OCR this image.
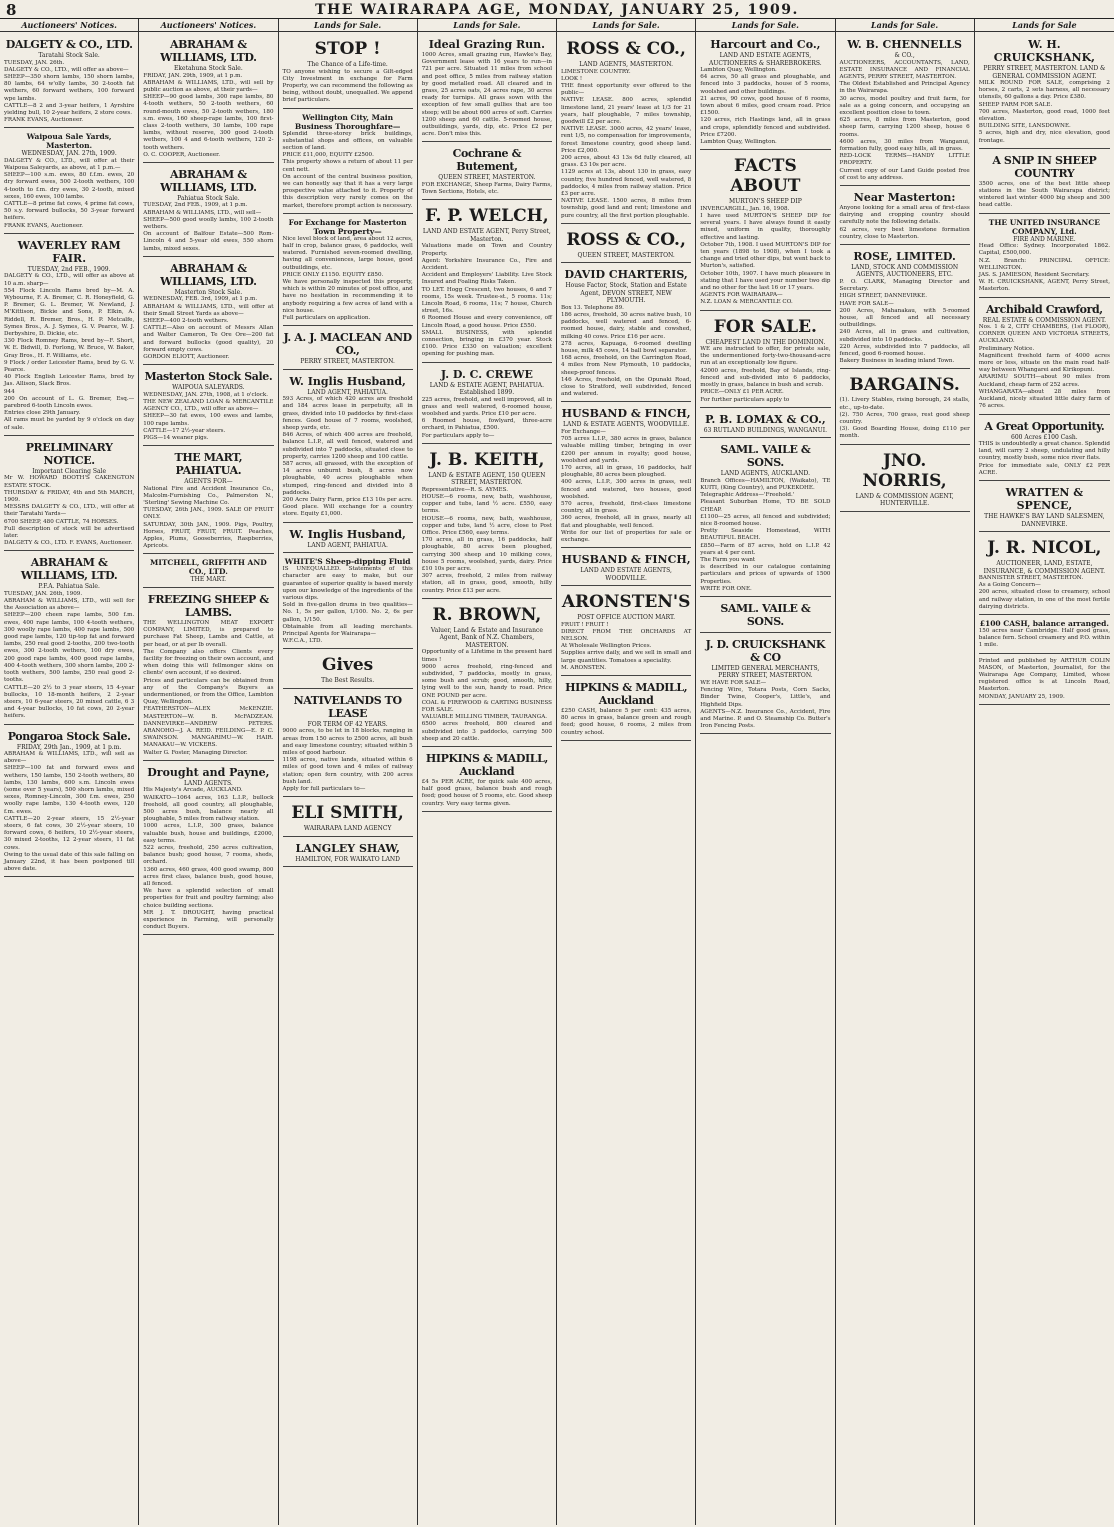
8	THE WAIRARAPA AGE, MONDAY, JANUARY 25, 1909.
Auctioneers' Notices.
DALGETY & CO., LTD.
Taratahi Stock Sale.
TUESDAY, JAN. 26th.
DALGETY & CO., LTD., will offer as above—
SHEEP—350 shorn lambs, 150 shorn lambs, 80 lambs, 64 w'olly lambs, 30 2-tooth fat wethers, 60 forward wethers, 100 forward wpe lambs.
CATTLE—8 2 and 3-year heifers, 1 Ayrshire yielding bull, 10 2-year heifers, 2 store cows.
FRANK EVANS, Auctioneer.
Waipoua Sale Yards, Masterton.
WEDNESDAY, JAN. 27th, 1909.
DALGETY & CO., LTD., will offer at their Waipoua Saleyards, as above, at 1 p.m.—
SHEEP—100 s.m. ewes, 80 f.f.m. ewes, 20 dry forward ewes, 500 2-tooth wethers, 100 4-tooth to f.m. dry ewes, 30 2-tooth, mixed sexes, 160 ewes, 100 lambs.
CATTLE—8 prime fat cows, 4 prime fat cows, 50 s.y. forward bullocks, 50 3-year forward heifers.
FRANK EVANS, Auctioneer.
WAVERLEY RAM FAIR.
TUESDAY, 2nd FEB., 1909.
DALGETY & CO., LTD., will offer as above at 10 a.m. sharp—
554 Flock Lincoln Rams bred by—M. A. Wybourne, F. A. Bremer, C. R. Honeyfield, G. P. Bremer, G. L. Bremer, W. Newland, J. M'Kittison, Bickie and Sons, P. Elkin, A. Riddell, R. Bremer, Bros., H. P. Metcalfe, Symes Bros., A. J. Symes, G. V. Pearce, W. J. Derbyshire, D. Dickie, etc.
330 Flock Romney Rams, bred by—F. Short, W. E. Bidwill, D. Forlong, W. Bruce, W. Baker, Gray Bros., H. F. Williams, etc.
9 Flock / order Leicester Rams, bred by G. V. Pearce.
40 Flock English Leicester Rams, bred by Jas. Allison, Slack Bros.
944
200 On account of L. G. Bremer, Esq.—parebred 6-tooth Lincoln ewes.
Entries close 29th January.
All rams must be yarded by 9 o'clock on day of sale.
PRELIMINARY NOTICE.
Important Clearing Sale
Mr W. HOWARD BOOTH'S CAKENGTON ESTATE STOCK.
THURSDAY & FRIDAY, 4th and 5th MARCH, 1909.
MESSRS DALGETY & CO., LTD., will offer at their Taratahi Yards—
6700 SHEEP, 480 CATTLE, 74 HORSES.
Full description of stock will be advertised later.
DALGETY & CO., LTD. F. EVANS, Auctioneer.
ABRAHAM & WILLIAMS, LTD.
P.F.A. Pahiatua Sale.
TUESDAY, JAN. 26th, 1909.
ABRAHAM & WILLIAMS, LTD., will sell for the Association as above—
SHEEP—200 cheen rape lambs, 500 f.m. ewes, 400 rape lambs, 100 4-tooth wethers, 300 woolly rape lambs, 400 rape lambs, 500 good rape lambs, 120 tip-top fat and forward lambs, 250 real good 2-tooths, 200 two-tooth ewes, 300 2-tooth wethers, 100 dry ewes, 200 good rape lambs, 400 good rape lambs, 400 4-tooth wethers, 300 shorn lambs, 200 2-tooth wethers, 500 lambs, 250 real good 2-tooths.
CATTLE—20 2½ to 3 year steers, 15 4-year bullocks, 10 18-month heifers, 2 2-year steers, 10 6-year steers, 20 mixed cattle, 6 3 and 4-year bullocks, 10 fat cows, 20 2-year heifers.
Pongaroa Stock Sale.
FRIDAY, 29th Jan., 1909, at 1 p.m.
ABRAHAM & WILLIAMS, LTD., will sell as above—
SHEEP—100 fat and forward ewes and wethers, 150 lambs, 150 2-tooth wethers, 80 lambs, 130 lambs, 600 s.m. Lincoln ewes (some over 5 years), 500 shorn lambs, mixed sexes, Romney-Lincoln, 300 f.m. ewes, 250 woolly rape lambs, 130 4-tooth ewes, 120 f.m. ewes.
CATTLE—20 2-year steers, 15 2½-year steers, 6 fat cows, 30 2½-year steers, 10 forward cows, 6 heifers, 10 2½-year steers, 30 mixed 2-tooths, 12 2-year steers, 11 fat cows.
Owing to the usual date of this sale falling on January 22nd, it has been postponed till above date.
Auctioneers' Notices.
ABRAHAM & WILLIAMS, LTD.
Eketahuna Stock Sale.
FRIDAY, JAN. 29th, 1909, at 1 p.m.
ABRAHAM & WILLIAMS, LTD., will sell by public auction as above, at their yards—
SHEEP—90 good lambs, 300 rape lambs, 80 4-tooth wethers, 50 2-tooth wethers, 60 round-mouth ewes, 50 2-tooth wethers, 180 s.m. ewes, 160 sheep-rape lambs, 100 first-class 2-tooth wethers, 30 lambs, 100 rape lambs, without reserve, 300 good 2-tooth wethers, 100 4 and 6-tooth wethers, 120 2-tooth wethers.
O. C. COOPER, Auctioneer.
ABRAHAM & WILLIAMS, LTD.
Pahiatua Stock Sale.
TUESDAY, 2nd FEB., 1909, at 1 p.m.
ABRAHAM & WILLIAMS, LTD., will sell—
SHEEP—500 good woolly lambs, 100 2-tooth wethers.
On account of Balfour Estate—500 Rom-Lincoln 4 and 5-year old ewes, 550 shorn lambs, mixed sexes.
ABRAHAM & WILLIAMS, LTD.
Masterton Stock Sale.
WEDNESDAY, FEB. 3rd, 1909, at 1 p.m.
ABRAHAM & WILLIAMS, LTD., will offer at their Small Street Yards as above—
SHEEP—400 2-tooth wethers.
CATTLE—Also on account of Messrs Allan and Walter Cameron, Te Ore Ore—200 fat and forward bullocks (good quality), 20 forward empty cows.
GORDON ELIOTT, Auctioneer.
Masterton Stock Sale.
WAIPOUA SALEYARDS.
WEDNESDAY, JAN. 27th, 1908, at 1 o'clock.
THE NEW ZEALAND LOAN & MERCANTILE AGENCY CO., LTD., will offer as above—
SHEEP—30 fat ewes, 100 ewes and lambs, 100 rape lambs.
CATTLE—17 2½-year steers.
PIGS—14 weaner pigs.
THE MART, PAHIATUA.
AGENTS FOR—
National Fire and Accident Insurance Co., Malcolm-Furnishing Co., Palmerston N., 'Sterling' Sewing Machine Co.
TUESDAY, 26th JAN., 1909. SALE OF FRUIT ONLY.
SATURDAY, 30th JAN., 1909. Pigs, Poultry, Horses, FRUIT, FRUIT, FRUIT. Peaches, Apples, Plums, Gooseberries, Raspberries, Apricots.
MITCHELL, GRIFFITH AND CO., LTD.
THE MART.
FREEZING SHEEP & LAMBS.
THE WELLINGTON MEAT EXPORT COMPANY, LIMITED, is prepared to purchase Fat Sheep, Lambs and Cattle, at per head, or at per lb overall.
The Company also offers Clients every facility for freezing on their own account, and when doing this will fellmonger skins on clients' own account, if so desired.
Prices and particulars can be obtained from any of the Company's Buyers as undermentioned, or from the Office, Lambton Quay, Wellington.
FEATHERSTON—ALEX McKENZIE. MASTERTON—W. B. McFADZEAN. DANNEVIRKE—ANDREW PETERS. ARANOHO—J. A. REID. FEILDING—E. P. C. SWAINSON. MANGARIMU—W. HAIR. MANAKAU—W. VICKERS.
Walter G. Foster, Managing Director.
Drought and Payne,
LAND AGENTS.
His Majesty's Arcade, AUCKLAND.
WAIKATO—1064 acres, 163 L.I.P., bullock freehold, all good country, all ploughable, 500 acres bush, balance nearly all ploughable, 5 miles from railway station.
1000 acres, L.I.P., 300 grass, balance valuable bush, house and buildings, £2000, easy terms.
522 acres, freehold, 250 acres cultivation, balance bush; good house, 7 rooms, sheds, orchard.
1360 acres, 460 grass, 400 good swamp, 800 acres first class, balance bush, good house, all fenced.
We have a splendid selection of small properties for fruit and poultry farming; also choice building sections.
MR J. T. DROUGHT, having practical experience in Farming, will personally conduct Buyers.
Lands for Sale.
STOP !
The Chance of a Life-time.
TO anyone wishing to secure a Gilt-edged City Investment in exchange for Farm Property, we can recommend the following as being, without doubt, unequalled. We append brief particulars.
Wellington City, Main Business Thoroughfare—
Splendid three-storey brick buildings, substantial shops and offices, on valuable section of land.
PRICE £11,000, EQUITY £2500.
This property shows a return of about 11 per cent nett.
On account of the central business position, we can honestly say that it has a very large prospective value attached to it. Property of this description very rarely comes on the market, therefore prompt action is necessary.
For Exchange for Masterton Town Property—
Nice level block of land, area about 12 acres, half in crop, balance grass, 6 paddocks, well watered. Furnished seven-roomed dwelling, having all conveniences, large house, good outbuildings, etc.
PRICE ONLY £1150. EQUITY £850.
We have personally inspected this property, which is within 20 minutes of post office, and have no hesitation in recommending it to anybody requiring a few acres of land with a nice house.
Full particulars on application.
J. A. J. MACLEAN AND CO.,
PERRY STREET, MASTERTON.
W. Inglis Husband,
LAND AGENT, PAHIATUA.
593 Acres, of which 420 acres are freehold and 184 acres lease in perpetuity, all in grass, divided into 10 paddocks by first-class fences. Good house of 7 rooms, woolshed, sheep yards, etc.
846 Acres, of which 400 acres are freehold, balance L.I.P., all well fenced, watered and subdivided into 7 paddocks, situated close to property, carries 1200 sheep and 100 cattle.
587 acres, all grassed, with the exception of 14 acres unburnt bush, 8 acres now ploughable, 40 acres ploughable when stumped, ring-fenced and divided into 8 paddocks.
200 Acre Dairy Farm, price £13 10s per acre. Good place. Will exchange for a country store. Equity £1,000.
W. Inglis Husband,
LAND AGENT, PAHIATUA.
WHITE'S Sheep-dipping Fluid
IS UNEQUALLED. Statements of this character are easy to make, but our guarantee of superior quality is based merely upon our knowledge of the ingredients of the various dips.
Sold in five-gallon drums in two qualities—No. 1, 5s per gallon, 1/100. No. 2, 6s per gallon, 1/150.
Obtainable from all leading merchants. Principal Agents for Wairarapa—
W.F.C.A., LTD.
Gives
The Best Results.
NATIVELANDS TO LEASE
FOR TERM OF 42 YEARS.
9000 acres, to be let in 18 blocks, ranging in areas from 150 acres to 2500 acres, all bush and easy limestone country; situated within 5 miles of good harbour.
1198 acres, native lands, situated within 6 miles of good town and 4 miles of railway station; open fern country, with 200 acres bush land.
Apply for full particulars to—
ELI SMITH,
WAIRARAPA LAND AGENCY
LANGLEY SHAW,
HAMILTON, FOR WAIKATO LAND
Lands for Sale.
Ideal Grazing Run.
1000 Acres, small grazing run, Hawke's Bay, Government lease with 16 years to run—in 721 per acre. Situated 11 miles from school and post office, 5 miles from railway station by good metalled road. All cleared and in grass, 25 acres oats, 24 acres rape, 30 acres ready for turnips. All grass sown with the exception of few small gullies that are too steep; will be about 600 acres of soft. Carries 1200 sheep and 60 cattle. 5-roomed house, outbuildings, yards, dip, etc. Price £2 per acre. Don't miss this.
Cochrane & Butement,
QUEEN STREET, MASTERTON.
FOR EXCHANGE, Sheep Farms, Dairy Farms, Town Sections, Hotels, etc.
F. P. WELCH,
LAND AND ESTATE AGENT, Perry Street, Masterton.
Valuations made on Town and Country Property.
Agent: Yorkshire Insurance Co., Fire and Accident.
Accident and Employers' Liability. Live Stock Insured and Foaling Risks Taken.
TO LET. Hogg Crescent, two houses, 6 and 7 rooms, 15s week. Trustee-st., 5 rooms. 11s; Lincoln Road, 6 rooms, 11s; 7 house, Church street, 16s.
6 Roomed House and every convenience, off Lincoln Road, a good house. Price £550.
SMALL BUSINESS, with splendid connection, bringing in £370 year. Stock £100. Price £330 on valuation; excellent opening for pushing man.
J. D. C. CREWE
LAND & ESTATE AGENT, PAHIATUA. Established 1899.
225 acres, freehold, and well improved, all in grass and well watered, 6-roomed house, woolshed and yards. Price £10 per acre.
6 Roomed house, fowlyard, three-acre orchard, in Pahiatua, £500.
For particulars apply to—
J. B. KEITH,
LAND & ESTATE AGENT, 150 QUEEN STREET, MASTERTON.
Representative—R. S. AYMES.
HOUSE—6 rooms, new, bath, washhouse, copper and tubs, land ½ acre. £550, easy terms.
HOUSE—6 rooms, new, bath, washhouse, copper and tubs, land ½ acre, close to Post Office. Price £560, easy terms.
170 acres, all in grass, 16 paddocks, half ploughable, 80 acres been ploughed, carrying 300 sheep and 10 milking cows, house 5 rooms, woolshed, yards, dairy. Price £10 10s per acre.
307 acres, freehold, 2 miles from railway station, all in grass, good, smooth, hilly country. Price £13 per acre.
R. BROWN,
Valuer, Land & Estate and Insurance Agent, Bank of N.Z. Chambers, MASTERTON.
Opportunity of a Lifetime in the present hard times !
9000 acres freehold, ring-fenced and subdivided, 7 paddocks, mostly in grass, some bush and scrub; good, smooth, hilly, lying well to the sun, handy to road. Price ONE POUND per acre.
COAL & FIREWOOD & CARTING BUSINESS FOR SALE.
VALUABLE MILLING TIMBER, TAURANGA.
6500 acres freehold, 800 cleared and subdivided into 3 paddocks, carrying 500 sheep and 20 cattle.
HIPKINS & MADILL, Auckland
£4 5s PER ACRE, for quick sale 400 acres, half good grass, balance bush and rough feed; good house of 5 rooms, etc. Good sheep country. Very easy terms given.
Lands for Sale.
ROSS & CO.,
LAND AGENTS, MASTERTON.
LIMESTONE COUNTRY.
LOOK !
THE finest opportunity ever offered to the public—
NATIVE LEASE. 800 acres, splendid limestone land, 21 years' lease at 1/3 for 21 years, half ploughable, 7 miles township, goodwill £2 per acre.
NATIVE LEASE. 3000 acres, 42 years' lease, rent 1/5, no compensation for improvements, forest limestone country, good sheep land. Price £2,000.
200 acres, about 43 13s 6d fully cleared, all grass. £3 10s per acre.
1129 acres at 13s, about 130 in grass, easy country, five hundred fenced, well watered, 8 paddocks, 4 miles from railway station. Price £3 per acre.
NATIVE LEASE. 1500 acres, 8 miles from township, good land and rent; limestone and pure country, all the first portion ploughable.
ROSS & CO.,
QUEEN STREET, MASTERTON.
DAVID CHARTERIS,
House Factor, Stock, Station and Estate Agent, DEVON STREET, NEW PLYMOUTH.
Box 13. Telephone 89.
186 acres, freehold, 30 acres native bush, 10 paddocks, well watered and fenced, 6-roomed house, dairy, stable and cowshed, milking 40 cows. Price £16 per acre.
278 acres, Kapuaga, 6-roomed dwelling house, milk 45 cows, 14 ball bowl separator.
168 acres, freehold, on the Carrington Road, 4 miles from New Plymouth, 10 paddocks, sheep-proof fences.
146 Acres, freehold, on the Opunaki Road, close to Stratford, well subdivided, fenced and watered.
HUSBAND & FINCH,
LAND & ESTATE AGENTS, WOODVILLE.
For Exchange—
705 acres L.I.P., 380 acres in grass, balance valuable milling timber, bringing in over £200 per annum in royalty; good house, woolshed and yards.
170 acres, all in grass, 16 paddocks, half ploughable, 80 acres been ploughed.
400 acres, L.I.P., 300 acres in grass, well fenced and watered, two houses, good woolshed.
570 acres, freehold, first-class limestone country, all in grass.
360 acres, freehold, all in grass, nearly all flat and ploughable, well fenced.
Write for our list of properties for sale or exchange.
HUSBAND & FINCH,
LAND AND ESTATE AGENTS, WOODVILLE.
ARONSTEN'S
POST OFFICE AUCTION MART.
FRUIT ! FRUIT !
DIRECT FROM THE ORCHARDS AT NELSON.
At Wholesale Wellington Prices.
Supplies arrive daily, and we sell in small and large quantities. Tomatoes a speciality.
M. ARONSTEN.
HIPKINS & MADILL, Auckland
£250 CASH, balance 5 per cent: 435 acres, 80 acres in grass, balance green and rough feed; good house, 6 rooms, 2 miles from country school.
Lands for Sale.
Harcourt and Co.,
LAND AND ESTATE AGENTS, AUCTIONEERS & SHAREBROKERS.
Lambton Quay, Wellington.
64 acres, 50 all grass and ploughable, and fenced into 3 paddocks, house of 5 rooms, woolshed and other buildings.
21 acres, 90 cows, good house of 6 rooms, town about 6 miles, good cream road. Price £1500.
120 acres, rich Hastings land, all in grass and crops, splendidly fenced and subdivided. Price £7200.
Lambton Quay, Wellington.
FACTS ABOUT
MURTON'S SHEEP DIP
INVERCARGILL, Jan. 16, 1908.
I have used MURTON'S SHEEP DIP for several years. I have always found it easily mixed, uniform in quality, thoroughly effective and lasting.
October 7th, 1908. I used MURTON'S DIP for ten years (1898 to 1908), when I took a change and tried other dips, but went back to Murton's, satisfied.
October 10th, 1907. I have much pleasure in stating that I have used your number two dip and no other for the last 16 or 17 years.
AGENTS FOR WAIRARAPA—
N.Z. LOAN & MERCANTILE CO.
FOR SALE.
CHEAPEST LAND IN THE DOMINION.
WE are instructed to offer, for private sale, the undermentioned forty-two-thousand-acre run at an exceptionally low figure.
42000 acres, freehold, Bay of Islands, ring-fenced and sub-divided into 6 paddocks, mostly in grass, balance in bush and scrub.
PRICE—ONLY £1 PER ACRE.
For further particulars apply to
P. B. LOMAX & CO.,
63 RUTLAND BUILDINGS, WANGANUI.
SAML. VAILE & SONS.
LAND AGENTS, AUCKLAND.
Branch Offices—HAMILTON, (Waikato), TE KUITI, (King Country), and PUKEKOHE.
Telegraphic Address—'Freehold.'
Pleasant Suburban Home, TO BE SOLD CHEAP.
£1100—25 acres, all fenced and subdivided; nice 8-roomed house.
Pretty Seaside Homestead, WITH BEAUTIFUL BEACH.
£850—Farm of 87 acres, hold on L.I.P. 42 years at 4 per cent.
The Farm you want
is described in our catalogue containing particulars and prices of upwards of 1500 Properties.
WRITE FOR ONE.
SAML. VAILE & SONS.
J. D. CRUICKSHANK & CO
LIMITED GENERAL MERCHANTS, PERRY STREET, MASTERTON.
WE HAVE FOR SALE—
Fencing Wire, Totara Posts, Corn Sacks, Binder Twine, Cooper's, Little's, and Highfield Dips.
AGENTS—N.Z. Insurance Co., Accident, Fire and Marine. P. and O. Steamship Co. Butter's Iron Fencing Posts.
Lands for Sale.
W. B. CHENNELLS
& CO.,
AUCTIONEERS, ACCOUNTANTS, LAND, ESTATE INSURANCE AND FINANCIAL AGENTS, PERRY STREET, MASTERTON.
The Oldest Established and Principal Agency in the Wairarapa.
30 acres, model poultry and fruit farm, for sale as a going concern, and occupying an excellent position close to town.
625 acres, 8 miles from Masterton, good sheep farm, carrying 1200 sheep, house 6 rooms.
4600 acres, 30 miles from Wanganui, formation fully, good easy hills, all in grass.
RED-LOCK TERMS—HANDY LITTLE PROPERTY.
Current copy of our Land Guide posted free of cost to any address.
Near Masterton:
Anyone looking for a small area of first-class dairying and cropping country should carefully note the following details.
62 acres, very best limestone formation country, close to Masterton.
ROSE, LIMITED.
LAND, STOCK AND COMMISSION AGENTS, AUCTIONEERS, ETC.
P. O. CLARK, Managing Director and Secretary.
HIGH STREET, DANNEVIRKE.
HAVE FOR SALE—
200 Acres, Mahanakau, with 5-roomed house, all fenced and all necessary outbuildings.
240 Acres, all in grass and cultivation, subdivided into 10 paddocks.
220 Acres, subdivided into 7 paddocks, all fenced, good 6-roomed house.
Bakery Business in leading inland Town.
BARGAINS.
(1). Livery Stables, rising borough, 24 stalls, etc., up-to-date.
(2). 750 Acres, 700 grass, rest good sheep country.
(3). Good Boarding House, doing £110 per month.
JNO. NORRIS,
LAND & COMMISSION AGENT, HUNTERVILLE.
Lands for Sale
W. H. CRUICKSHANK,
PERRY STREET, MASTERTON. LAND & GENERAL COMMISSION AGENT.
MILK ROUND FOR SALE, comprising 2 horses, 2 carts, 2 sets harness, all necessary utensils, 60 gallons a day. Price £380.
SHEEP FARM FOR SALE.
700 acres, Masterton, good road, 1000 feet elevation.
BUILDING SITE, LANSDOWNE.
5 acres, high and dry, nice elevation, good frontage.
A SNIP IN SHEEP COUNTRY
3500 acres, one of the best little sheep stations in the South Wairarapa district; wintered last winter 4000 big sheep and 300 head cattle.
THE UNITED INSURANCE COMPANY, Ltd.
FIRE AND MARINE.
Head Office: Sydney. Incorporated 1862. Capital, £500,000.
N.Z. Branch: PRINCIPAL OFFICE: WELLINGTON.
JAS. S. JAMIESON, Resident Secretary.
W. H. CRUICKSHANK, AGENT, Perry Street, Masterton.
Archibald Crawford,
REAL ESTATE & COMMISSION AGENT.
Nos. 1 & 2, CITY CHAMBERS, (1st FLOOR), CORNER QUEEN AND VICTORIA STREETS, AUCKLAND.
Preliminary Notice.
Magnificent freehold farm of 4000 acres more or less, situate on the main road half-way between Whangarei and Kirikopuni.
ARARIMU SOUTH—about 90 miles from Auckland, cheap farm of 252 acres.
WHANGARATA—about 28 miles from Auckland, nicely situated little dairy farm of 76 acres.
A Great Opportunity.
600 Acres £100 Cash.
THIS is undoubtedly a great chance. Splendid land, will carry 2 sheep, undulating and hilly country, mostly bush, some nice river flats.
Price for immediate sale, ONLY £2 PER ACRE.
WRATTEN & SPENCE,
THE HAWKE'S BAY LAND SALESMEN, DANNEVIRKE.
J. R. NICOL,
AUCTIONEER, LAND, ESTATE, INSURANCE, & COMMISSION AGENT.
BANNISTER STREET, MASTERTON.
As a Going Concern—
200 acres, situated close to creamery, school and railway station, in one of the most fertile dairying districts.
£100 CASH, balance arranged.
150 acres near Cambridge. Half good grass, balance fern. School creamery and P.O. within 1 mile.
Printed and published by ARTHUR COLIN MASON, of Masterton, Journalist, for the Wairarapa Age Company, Limited, whose registered office is at Lincoln Road, Masterton.
MONDAY, JANUARY 25, 1909.
